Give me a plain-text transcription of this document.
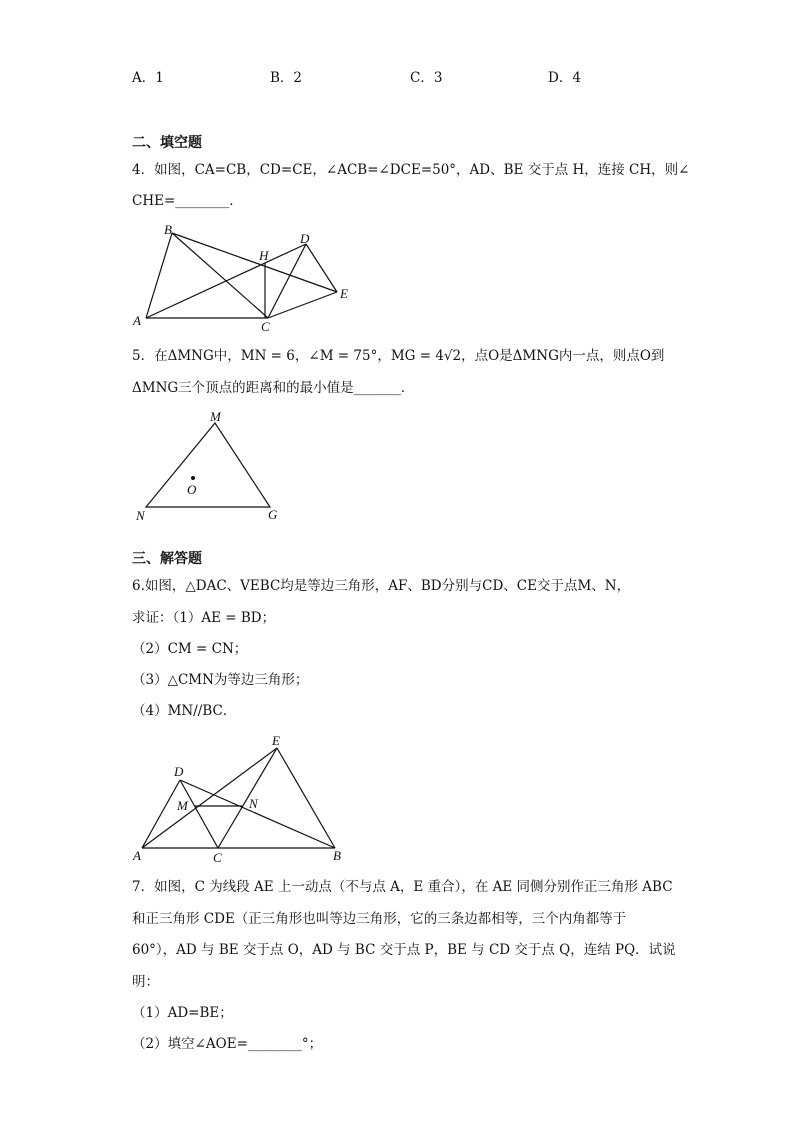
A．1	B．2	C．3	D．4
二、填空题
4．如图，CA=CB，CD=CE，∠ACB=∠DCE=50°，AD、BE 交于点 H，连接 CH，则∠
CHE=________．
B
D
H
E
A	C
5．在ΔMNG中，MN = 6，∠M = 75°，MG = 4√2，点O是ΔMNG内一点，则点O到
ΔMNG三个顶点的距离和的最小值是_______．
M
N	G
O
三、解答题
6.如图，△DAC、VEBC均是等边三角形，AF、BD分别与CD、CE交于点M、N，
求证：（1）AE = BD；
（2）CM = CN；
（3）△CMN为等边三角形；
（4）MN//BC．
E
D
M	N
A	C	B
7．如图，C 为线段 AE 上一动点（不与点 A，E 重合），在 AE 同侧分别作正三角形 ABC
和正三角形 CDE（正三角形也叫等边三角形，它的三条边都相等，三个内角都等于
60°），AD 与 BE 交于点 O，AD 与 BC 交于点 P，BE 与 CD 交于点 Q，连结 PQ．试说
明：
（1）AD=BE；
（2）填空∠AOE=________°；
